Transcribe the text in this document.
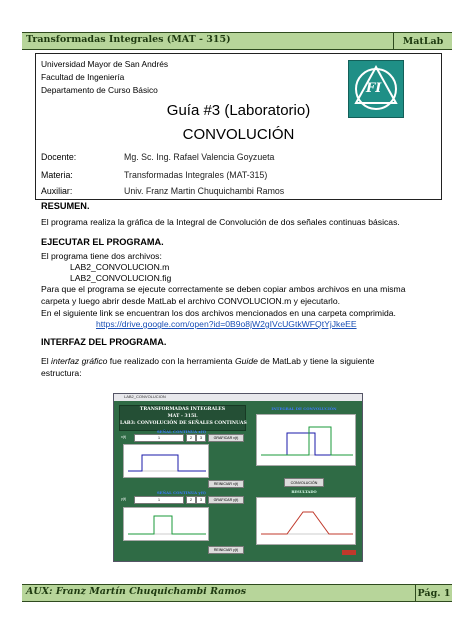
Transformadas Integrales (MAT - 315)	MatLab
Universidad Mayor de San Andrés
Facultad de Ingeniería
Departamento de Curso Básico
Guía #3 (Laboratorio)
CONVOLUCIÓN
FI
Docente:	Mg. Sc. Ing. Rafael Valencia Goyzueta
Materia:	Transformadas Integrales (MAT-315)
Auxiliar:	Univ. Franz Martin Chuquichambi Ramos
RESUMEN.
El programa realiza la gráfica de la Integral de Convolución de dos señales continuas básicas.
EJECUTAR EL PROGRAMA.
El programa tiene dos archivos:
LAB2_CONVOLUCION.m
LAB2_CONVOLUCION.fig
Para que el programa se ejecute correctamente se deben copiar ambos archivos en una misma
carpeta y luego abrir desde MatLab el archivo CONVOLUCION.m y ejecutarlo.
En el siguiente link se encuentran los dos archivos mencionados en una carpeta comprimida.
https://drive.google.com/open?id=0B9o8jW2gIVcUGtkWFQtYjJkeEE
INTERFAZ DEL PROGRAMA.
El interfaz gráfico fue realizado con la herramienta Guide de MatLab y tiene la siguiente
estructura:
LAB2_CONVOLUCION
TRANSFORMADAS INTEGRALES
MAT - 315L
LAB3: CONVOLUCIÓN DE SEÑALES CONTINUAS
SEÑAL CONTINUA x(t)
x(t)	1	2	3	GRAFICAR x(t)
REINICIAR x(t)
SEÑAL CONTINUA y(t)
y(t)	1	2	3	GRAFICAR y(t)
REINICIAR y(t)
INTEGRAL DE CONVOLUCIÓN
CONVOLUCIÓN
RESULTADO
AUX: Franz Martín Chuquichambi Ramos	Pág. 1
